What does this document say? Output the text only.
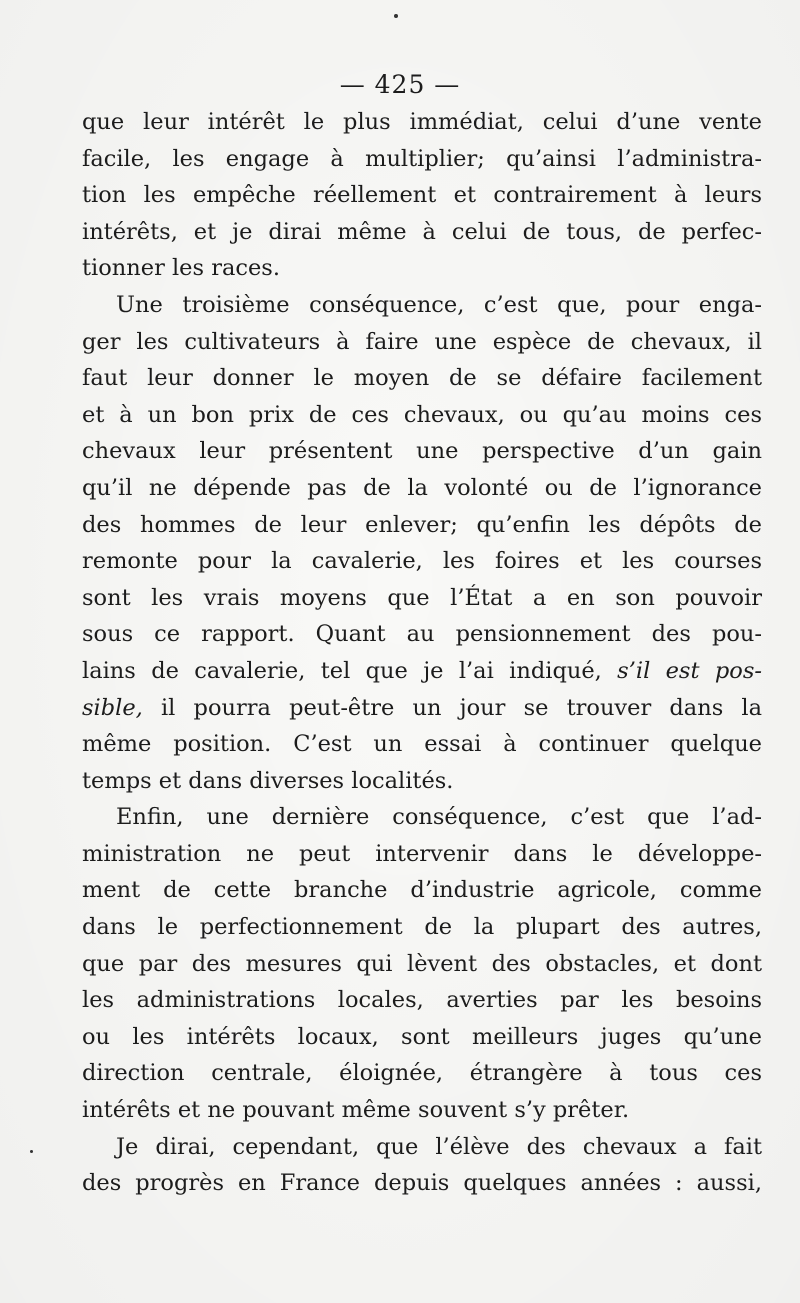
— 425 —
que leur intérêt le plus immédiat, celui d’une vente
facile, les engage à multiplier; qu’ainsi l’administra-
tion les empêche réellement et contrairement à leurs
intérêts, et je dirai même à celui de tous, de perfec-
tionner les races.
Une troisième conséquence, c’est que, pour enga-
ger les cultivateurs à faire une espèce de chevaux, il
faut leur donner le moyen de se défaire facilement
et à un bon prix de ces chevaux, ou qu’au moins ces
chevaux leur présentent une perspective d’un gain
qu’il ne dépende pas de la volonté ou de l’ignorance
des hommes de leur enlever; qu’enfin les dépôts de
remonte pour la cavalerie, les foires et les courses
sont les vrais moyens que l’État a en son pouvoir
sous ce rapport. Quant au pensionnement des pou-
lains de cavalerie, tel que je l’ai indiqué, s’il est pos-
sible, il pourra peut-être un jour se trouver dans la
même position. C’est un essai à continuer quelque
temps et dans diverses localités.
Enfin, une dernière conséquence, c’est que l’ad-
ministration ne peut intervenir dans le développe-
ment de cette branche d’industrie agricole, comme
dans le perfectionnement de la plupart des autres,
que par des mesures qui lèvent des obstacles, et dont
les administrations locales, averties par les besoins
ou les intérêts locaux, sont meilleurs juges qu’une
direction centrale, éloignée, étrangère à tous ces
intérêts et ne pouvant même souvent s’y prêter.
Je dirai, cependant, que l’élève des chevaux a fait
des progrès en France depuis quelques années : aussi,
